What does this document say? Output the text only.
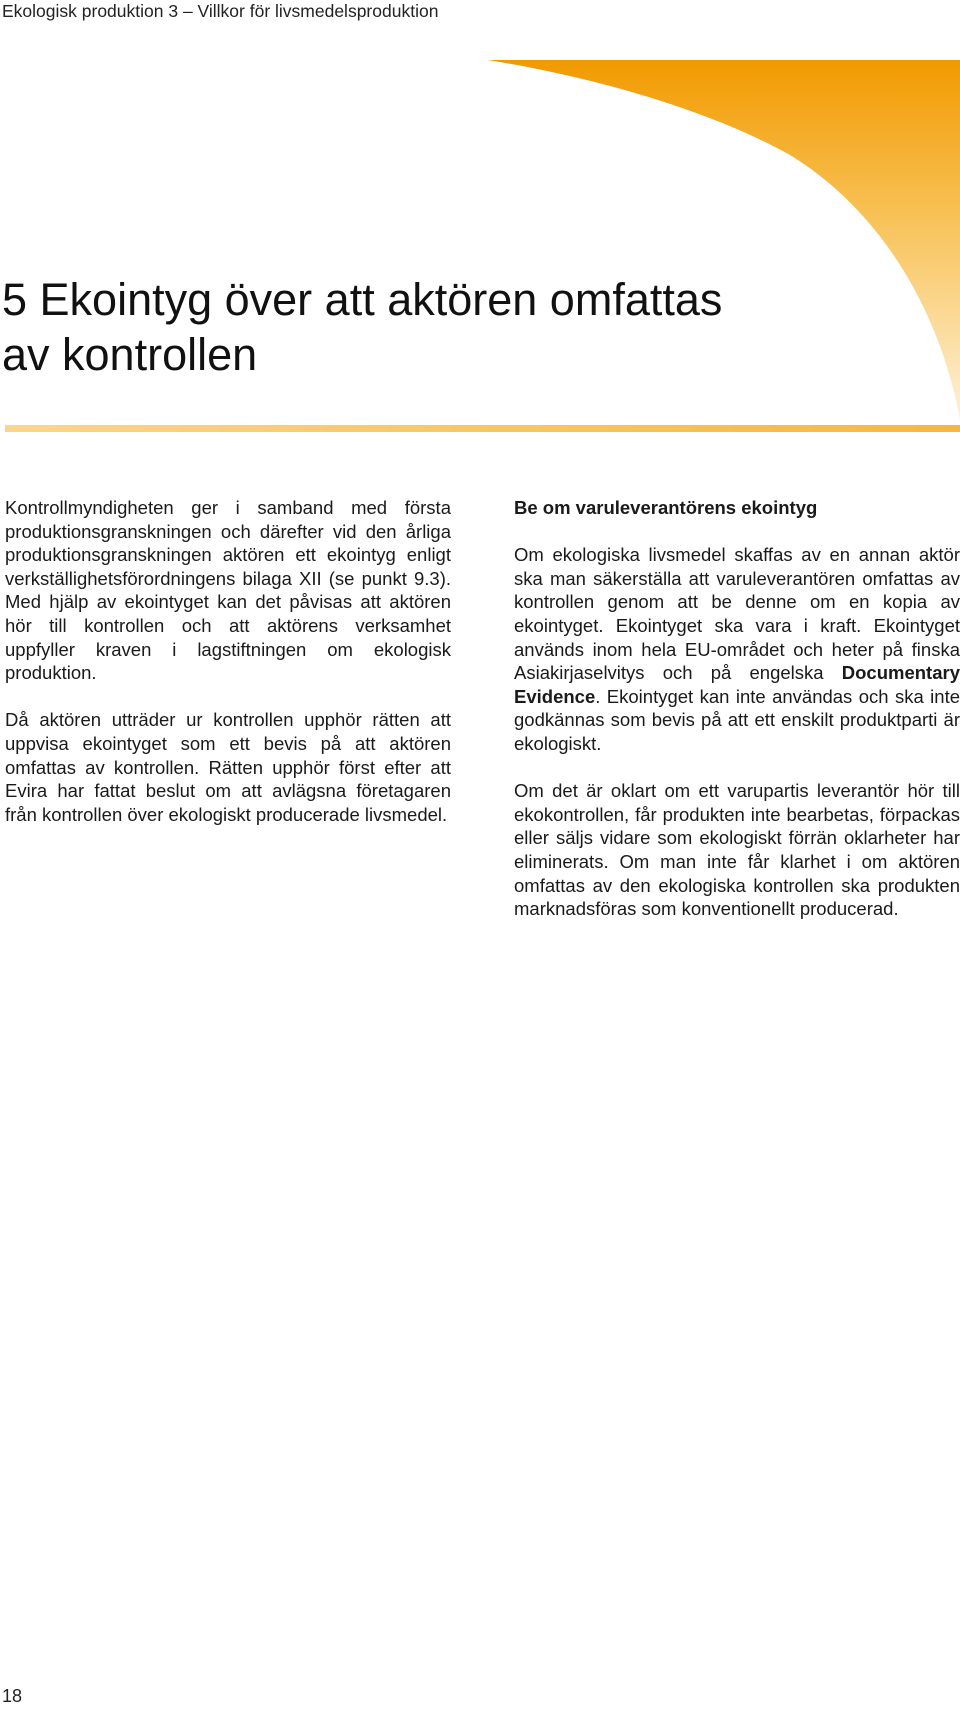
Ekologisk produktion 3 – Villkor för livsmedelsproduktion
5 Ekointyg över att aktören omfattas
av kontrollen

Kontrollmyndigheten ger i samband med första produktionsgranskningen och därefter vid den årliga produktionsgranskningen aktören ett ekointyg enligt verkställighetsförordningens bilaga XII (se punkt 9.3). Med hjälp av ekointyget kan det påvisas att aktören hör till kontrollen och att aktörens verksamhet uppfyller kraven i lagstiftningen om ekologisk produktion.

Då aktören utträder ur kontrollen upphör rätten att uppvisa ekointyget som ett bevis på att aktören omfattas av kontrollen. Rätten upphör först efter att Evira har fattat beslut om att avlägsna företagaren från kontrollen över ekologiskt producerade livsmedel.

Be om varuleverantörens ekointyg

Om ekologiska livsmedel skaffas av en annan aktör ska man säkerställa att varuleverantören omfattas av kontrollen genom att be denne om en kopia av ekointyget. Ekointyget ska vara i kraft. Ekointyget används inom hela EU-området och heter på finska Asiakirjaselvitys och på engelska Documentary Evidence. Ekointyget kan inte användas och ska inte godkännas som bevis på att ett enskilt produktparti är ekologiskt.

Om det är oklart om ett varupartis leverantör hör till ekokontrollen, får produkten inte bearbetas, förpackas eller säljs vidare som ekologiskt förrän oklarheter har eliminerats. Om man inte får klarhet i om aktören omfattas av den ekologiska kontrollen ska produkten marknadsföras som konventionellt producerad.

18
